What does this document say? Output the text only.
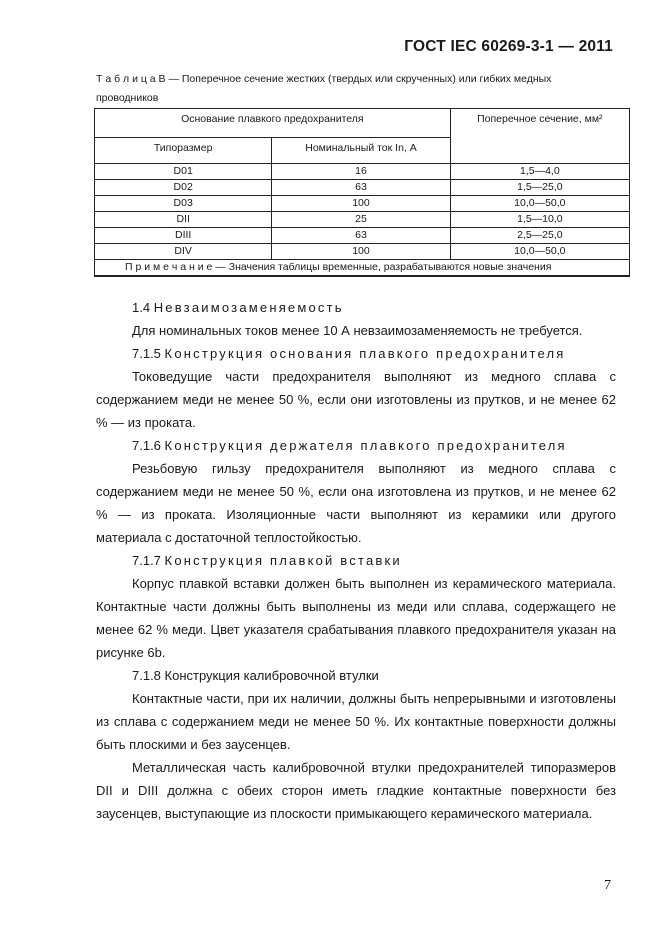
ГОСТ IEC 60269-3-1 — 2011
Т а б л и ц а B — Поперечное сечение жестких (твердых или скрученных) или гибких медных проводников
Основание плавкого предохранителя		Поперечное сечение, мм²
Типоразмер	Номинальный ток In, А	
D01	16	1,5—4,0
D02	63	1,5—25,0
D03	100	10,0—50,0
DII	25	1,5—10,0
DIII	63	2,5—25,0
DIV	100	10,0—50,0
П р и м е ч а н и е — Значения таблицы временные, разрабатываются новые значения		

1.4 Невзаимозаменяемость

Для номинальных токов менее 10 А невзаимозаменяемость не требуется.

7.1.5 Конструкция основания плавкого предохранителя

Токоведущие части предохранителя выполняют из медного сплава с содержанием меди не менее 50 %, если они изготовлены из прутков, и не менее 62 % — из проката.

7.1.6 Конструкция держателя плавкого предохранителя

Резьбовую гильзу предохранителя выполняют из медного сплава с содержанием меди не менее 50 %, если она изготовлена из прутков, и не менее 62 % — из проката. Изоляционные части выполняют из керамики или другого материала с достаточной теплостойкостью.

7.1.7 Конструкция плавкой вставки

Корпус плавкой вставки должен быть выполнен из керамического материала. Контактные части должны быть выполнены из меди или сплава, содержащего не менее 62 % меди. Цвет указателя срабатывания плавкого предохранителя указан на рисунке 6b.

7.1.8 Конструкция калибровочной втулки

Контактные части, при их наличии, должны быть непрерывными и изготовлены из сплава с содержанием меди не менее 50 %. Их контактные поверхности должны быть плоскими и без заусенцев.

Металлическая часть калибровочной втулки предохранителей типоразмеров DII и DIII должна с обеих сторон иметь гладкие контактные поверхности без заусенцев, выступающие из плоскости примыкающего керамического материала.

7
